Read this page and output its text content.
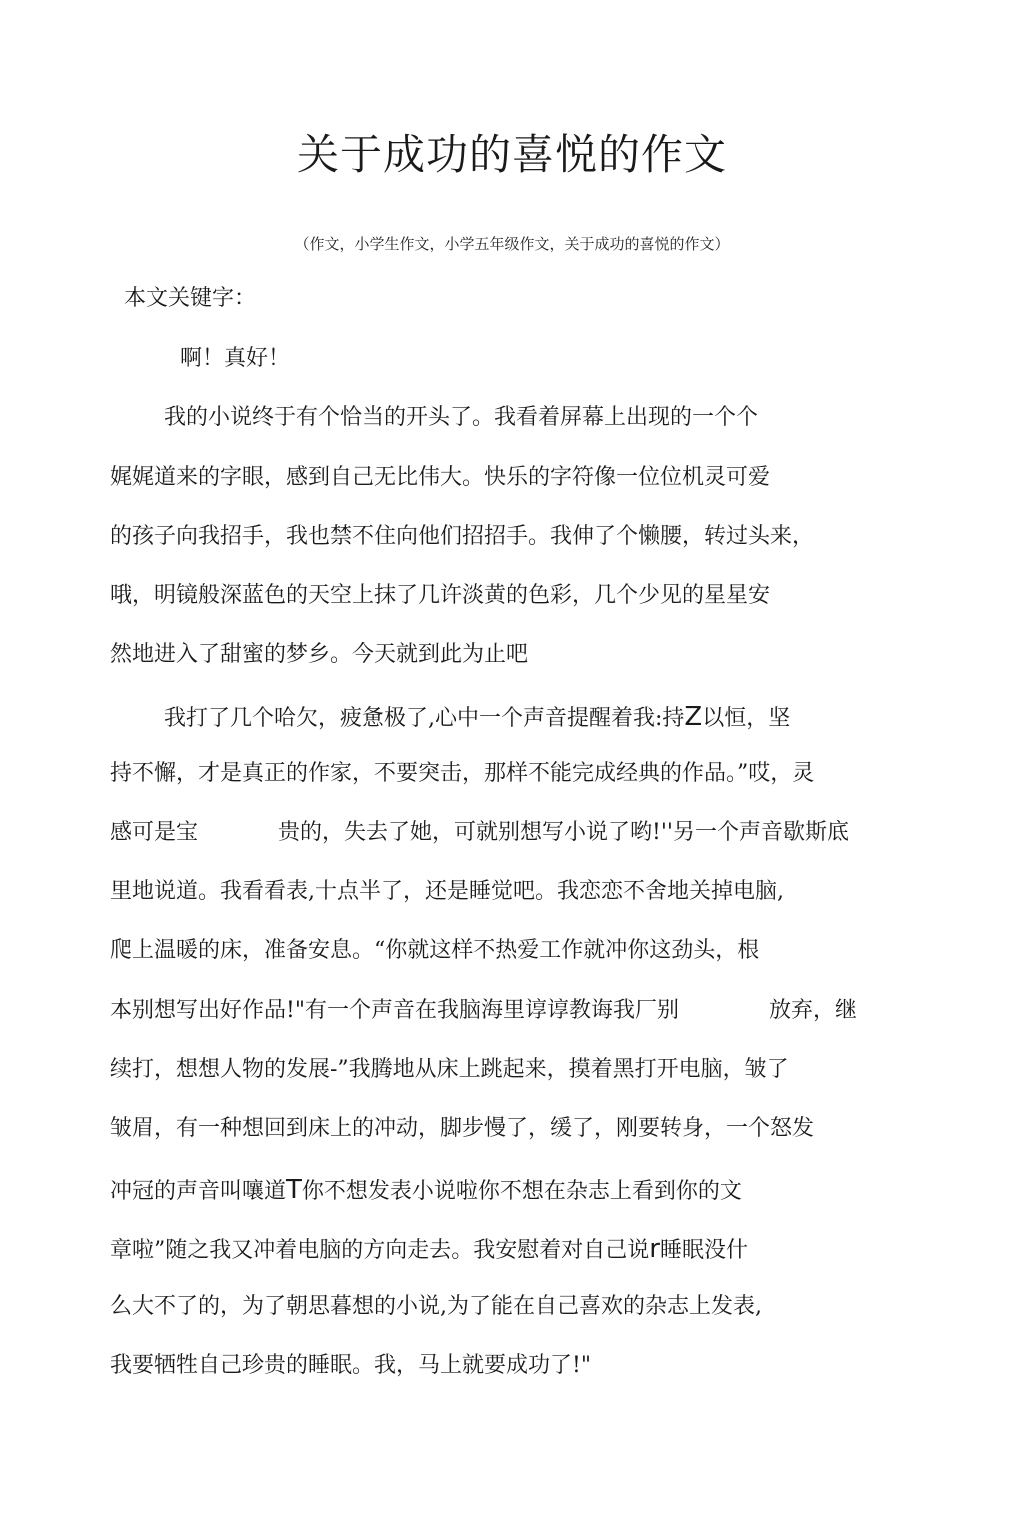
关于成功的喜悦的作文
（作文，小学生作文，小学五年级作文，关于成功的喜悦的作文）
本文关键字：
啊！真好！
我的小说终于有个恰当的开头了。我看着屏幕上出现的一个个
娓娓道来的字眼，感到自己无比伟大。快乐的字符像一位位机灵可爱
的孩子向我招手，我也禁不住向他们招招手。我伸了个懒腰，转过头来，
哦，明镜般深蓝色的天空上抹了几许淡黄的色彩，几个少见的星星安
然地进入了甜蜜的梦乡。今天就到此为止吧
我打了几个哈欠，疲惫极了,心中一个声音提醒着我:持Z以恒，坚
持不懈，才是真正的作家，不要突击，那样不能完成经典的作品。”哎，灵
感可是宝	贵的，失去了她，可就别想写小说了哟!''另一个声音歇斯底
里地说道。我看看表,十点半了，还是睡觉吧。我恋恋不舍地关掉电脑,
爬上温暖的床，准备安息。“你就这样不热爱工作就冲你这劲头，根
本别想写出好作品!"有一个声音在我脑海里谆谆教诲我厂别	放弃，继
续打，想想人物的发展-”我腾地从床上跳起来，摸着黑打开电脑，皱了
皱眉，有一种想回到床上的冲动，脚步慢了，缓了，刚要转身，一个怒发
冲冠的声音叫嚷道T你不想发表小说啦你不想在杂志上看到你的文
章啦”随之我又冲着电脑的方向走去。我安慰着对自己说r睡眠没什
么大不了的，为了朝思暮想的小说,为了能在自己喜欢的杂志上发表,
我要牺牲自己珍贵的睡眠。我，马上就要成功了!"
